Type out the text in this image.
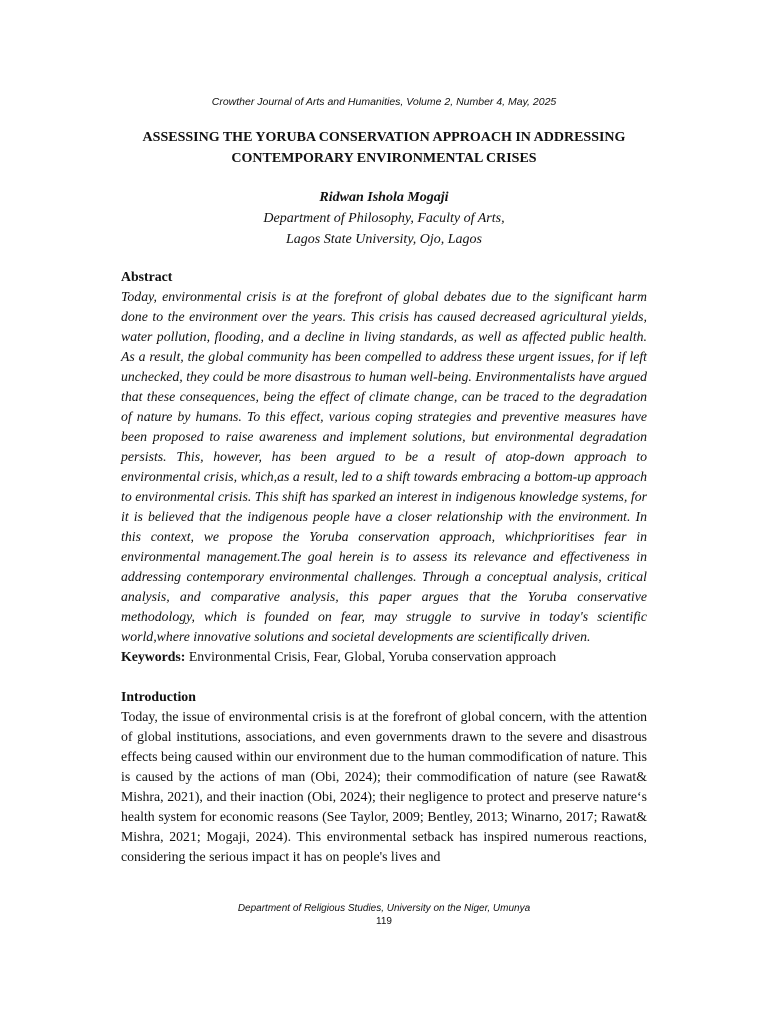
Crowther Journal of Arts and Humanities, Volume 2, Number 4, May, 2025
ASSESSING THE YORUBA CONSERVATION APPROACH IN ADDRESSING
CONTEMPORARY ENVIRONMENTAL CRISES
Ridwan Ishola Mogaji
Department of Philosophy, Faculty of Arts,
Lagos State University, Ojo, Lagos

Abstract

Today, environmental crisis is at the forefront of global debates due to the significant harm done to the environment over the years. This crisis has caused decreased agricultural yields, water pollution, flooding, and a decline in living standards, as well as affected public health. As a result, the global community has been compelled to address these urgent issues, for if left unchecked, they could be more disastrous to human well-being. Environmentalists have argued that these consequences, being the effect of climate change, can be traced to the degradation of nature by humans. To this effect, various coping strategies and preventive measures have been proposed to raise awareness and implement solutions, but environmental degradation persists. This, however, has been argued to be a result of atop-down approach to environmental crisis, which,as a result, led to a shift towards embracing a bottom-up approach to environmental crisis. This shift has sparked an interest in indigenous knowledge systems, for it is believed that the indigenous people have a closer relationship with the environment. In this context, we propose the Yoruba conservation approach, whichprioritises fear in environmental management.The goal herein is to assess its relevance and effectiveness in addressing contemporary environmental challenges. Through a conceptual analysis, critical analysis, and comparative analysis, this paper argues that the Yoruba conservative methodology, which is founded on fear, may struggle to survive in today's scientific world,where innovative solutions and societal developments are scientifically driven.

Keywords: Environmental Crisis, Fear, Global, Yoruba conservation approach

Introduction

Today, the issue of environmental crisis is at the forefront of global concern, with the attention of global institutions, associations, and even governments drawn to the severe and disastrous effects being caused within our environment due to the human commodification of nature. This is caused by the actions of man (Obi, 2024); their commodification of nature (see Rawat& Mishra, 2021), and their inaction (Obi, 2024); their negligence to protect and preserve nature‘s health system for economic reasons (See Taylor, 2009; Bentley, 2013; Winarno, 2017; Rawat& Mishra, 2021; Mogaji, 2024). This environmental setback has inspired numerous reactions, considering the serious impact it has on people's lives and

Department of Religious Studies, University on the Niger, Umunya
119
